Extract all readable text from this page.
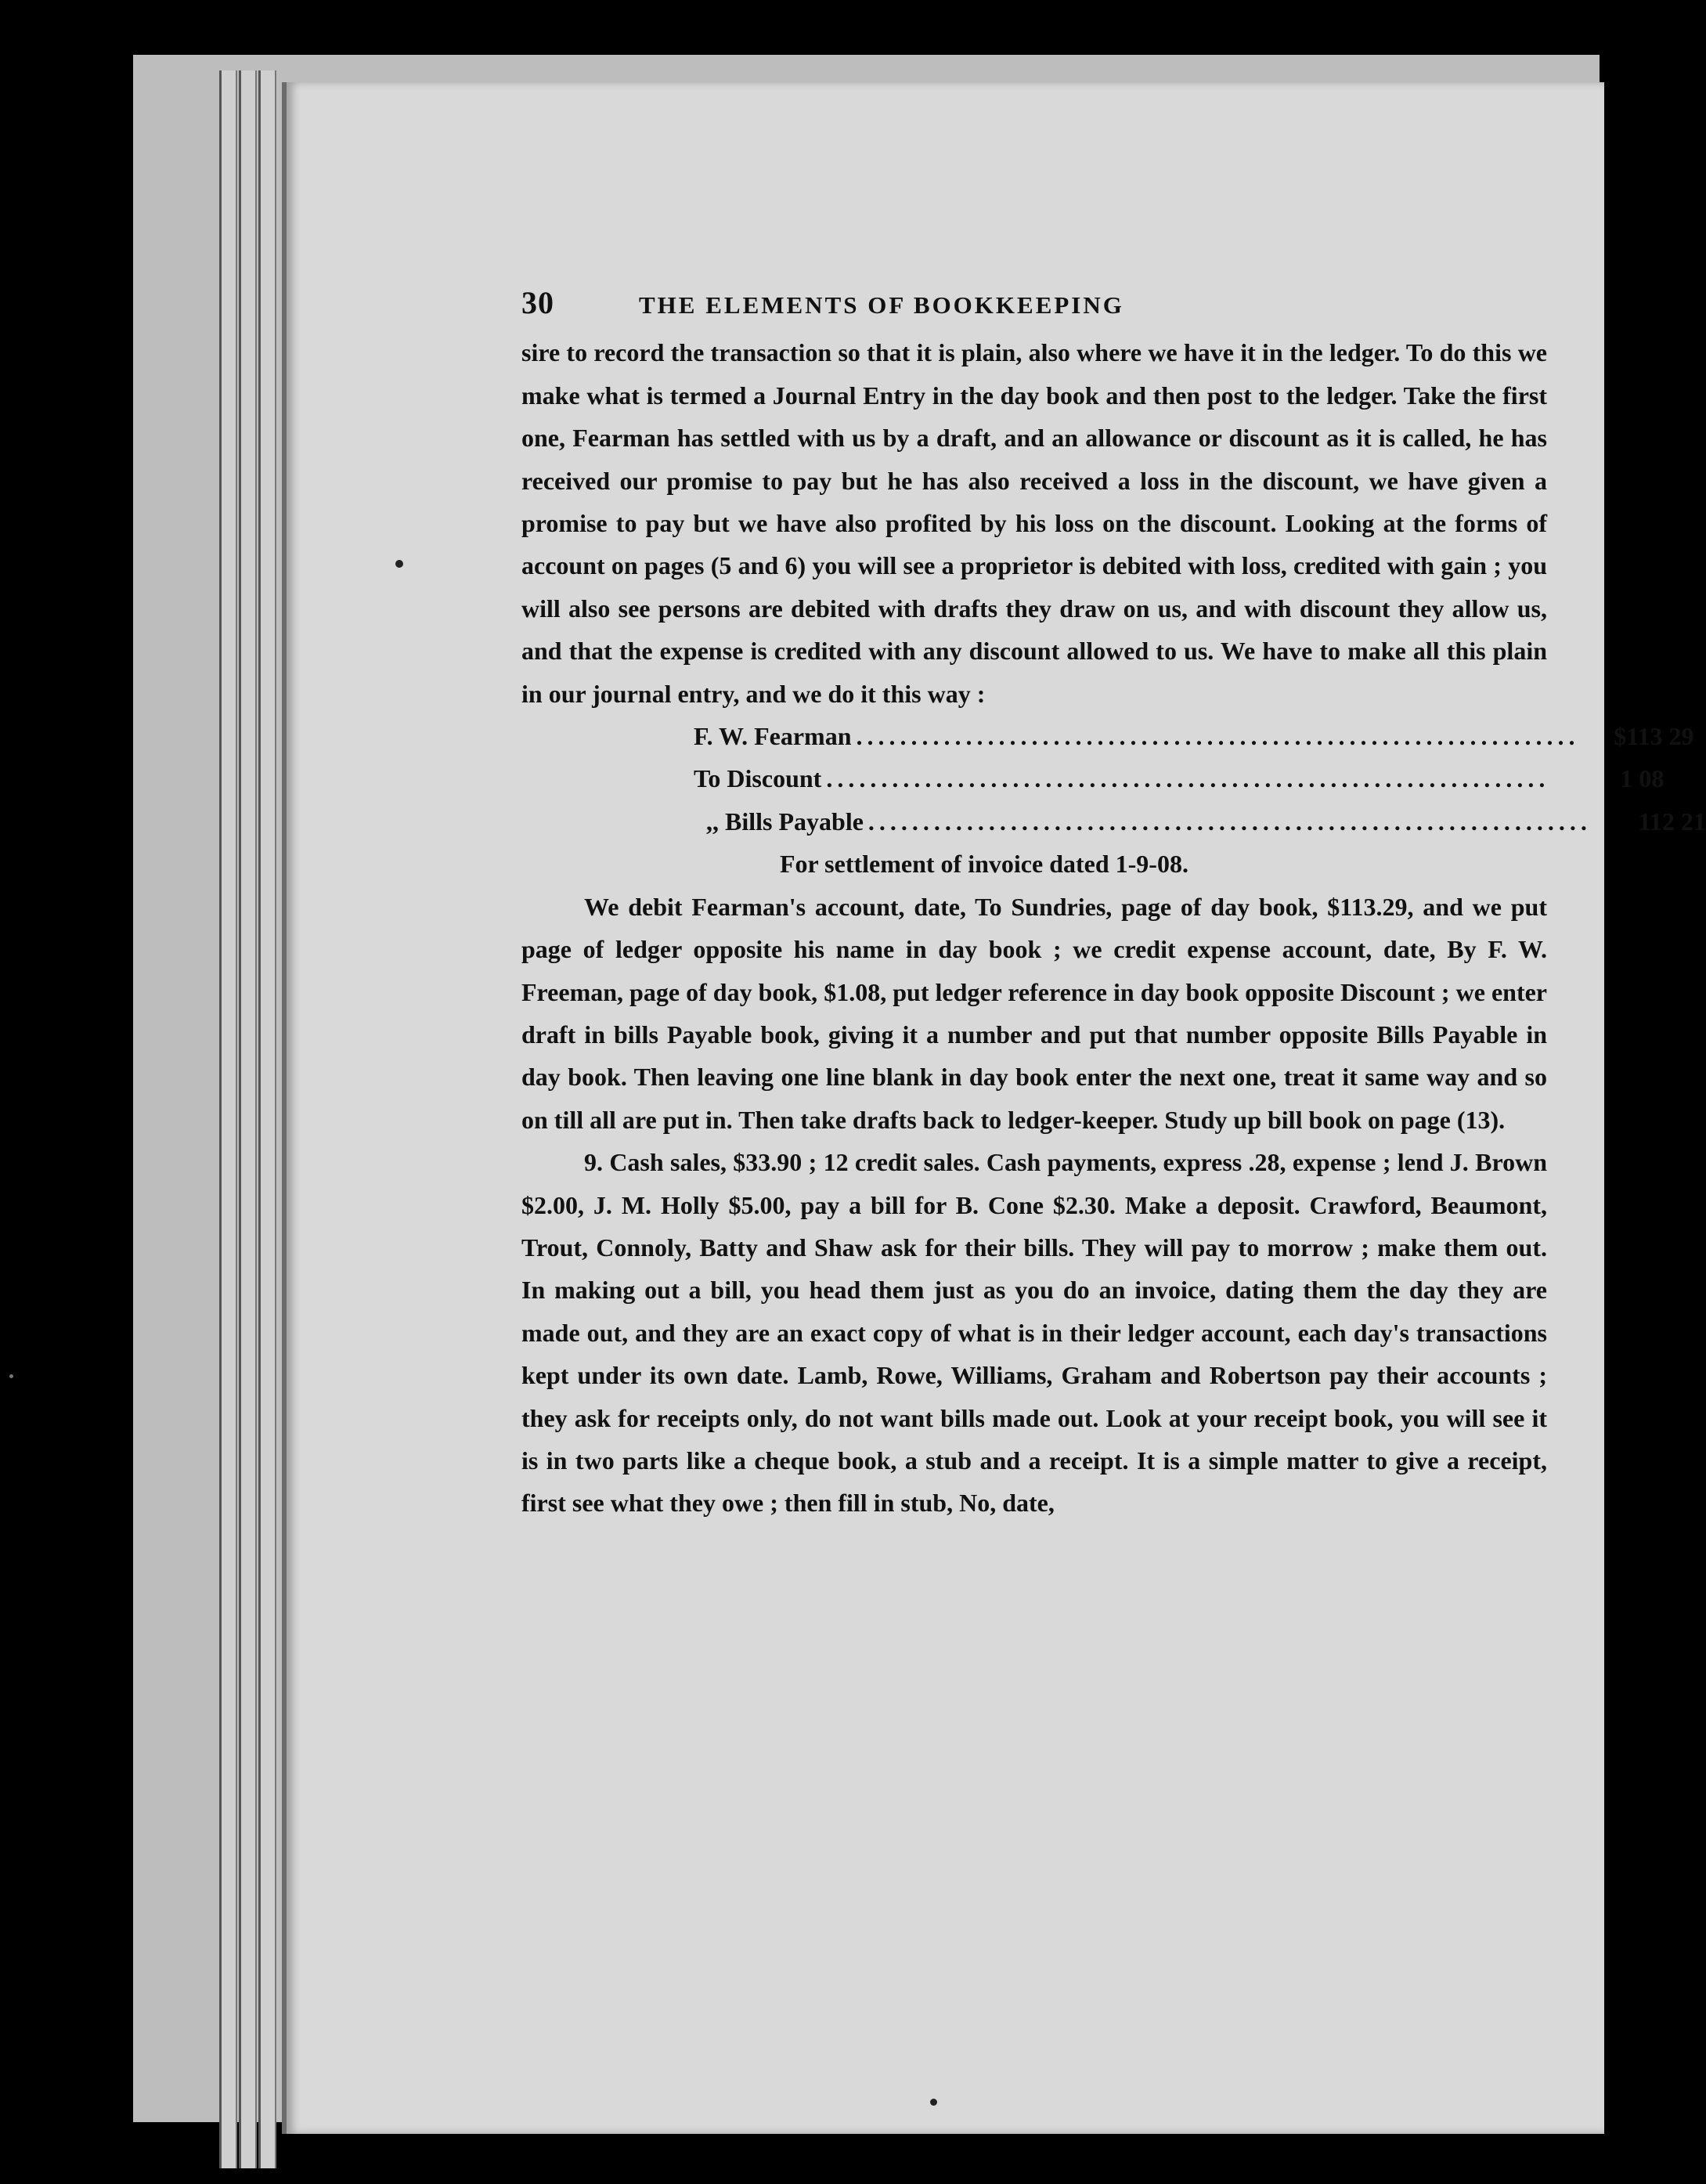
30	THE ELEMENTS OF BOOKKEEPING

sire to record the transaction so that it is plain, also where we have it in the ledger. To do this we make what is termed a Journal Entry in the day book and then post to the ledger. Take the first one, Fearman has settled with us by a draft, and an allowance or discount as it is called, he has received our promise to pay but he has also received a loss in the discount, we have given a promise to pay but we have also profited by his loss on the discount. Looking at the forms of account on pages (5 and 6) you will see a proprietor is debited with loss, credited with gain ; you will also see persons are debited with drafts they draw on us, and with discount they allow us, and that the expense is credited with any discount allowed to us. We have to make all this plain in our journal entry, and we do it this way :

F. W. Fearman ..................................................................	$113 29
To Discount ..................................................................	1 08
,, Bills Payable ..................................................................	112 21

For settlement of invoice dated 1-9-08.

We debit Fearman's account, date, To Sundries, page of day book, $113.29, and we put page of ledger opposite his name in day book ; we credit expense account, date, By F. W. Freeman, page of day book, $1.08, put ledger reference in day book opposite Discount ; we enter draft in bills Payable book, giving it a number and put that number opposite Bills Payable in day book. Then leaving one line blank in day book enter the next one, treat it same way and so on till all are put in. Then take drafts back to ledger-keeper. Study up bill book on page (13).

9. Cash sales, $33.90 ; 12 credit sales. Cash payments, express .28, expense ; lend J. Brown $2.00, J. M. Holly $5.00, pay a bill for B. Cone $2.30. Make a deposit. Crawford, Beaumont, Trout, Connoly, Batty and Shaw ask for their bills. They will pay to morrow ; make them out. In making out a bill, you head them just as you do an invoice, dating them the day they are made out, and they are an exact copy of what is in their ledger account, each day's transactions kept under its own date. Lamb, Rowe, Williams, Graham and Robertson pay their accounts ; they ask for receipts only, do not want bills made out. Look at your receipt book, you will see it is in two parts like a cheque book, a stub and a receipt. It is a simple matter to give a receipt, first see what they owe ; then fill in stub, No, date,
